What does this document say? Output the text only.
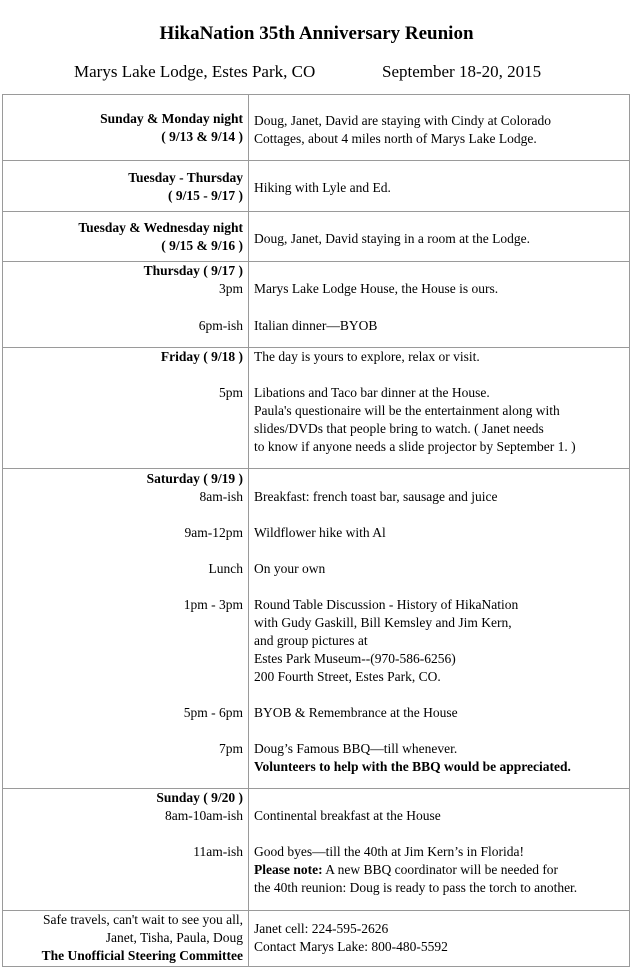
HikaNation 35th Anniversary Reunion
Marys Lake Lodge, Estes Park, CO	September 18-20, 2015
Sunday & Monday night
( 9/13 & 9/14 )
Doug, Janet, David are staying with Cindy at Colorado
Cottages, about 4 miles north of Marys Lake Lodge.
Tuesday - Thursday
( 9/15 - 9/17 )
Hiking with Lyle and Ed.
Tuesday & Wednesday night
( 9/15 & 9/16 ) Doug, Janet, David staying in a room at the Lodge.
Thursday ( 9/17 )
3pm Marys Lake Lodge House, the House is ours.
6pm-ish Italian dinner—BYOB
Friday ( 9/18 ) The day is yours to explore, relax or visit.
5pm Libations and Taco bar dinner at the House.
Paula's questionaire will be the entertainment along with
slides/DVDs that people bring to watch. ( Janet needs
to know if anyone needs a slide projector by September 1. )
Saturday ( 9/19 )
8am-ish Breakfast: french toast bar, sausage and juice
9am-12pm Wildflower hike with Al
Lunch On your own
1pm - 3pm Round Table Discussion - History of HikaNation
with Gudy Gaskill, Bill Kemsley and Jim Kern,
and group pictures at
Estes Park Museum--(970-586-6256)
200 Fourth Street, Estes Park, CO.
5pm - 6pm BYOB & Remembrance at the House
7pm Doug’s Famous BBQ—till whenever.
Volunteers to help with the BBQ would be appreciated.
Sunday ( 9/20 )
8am-10am-ish Continental breakfast at the House
11am-ish Good byes—till the 40th at Jim Kern’s in Florida!
Please note: A new BBQ coordinator will be needed for
the 40th reunion: Doug is ready to pass the torch to another.
Safe travels, can't wait to see you all,
Janet, Tisha, Paula, Doug
The Unofficial Steering Committee
Janet cell: 224-595-2626
Contact Marys Lake: 800-480-5592
